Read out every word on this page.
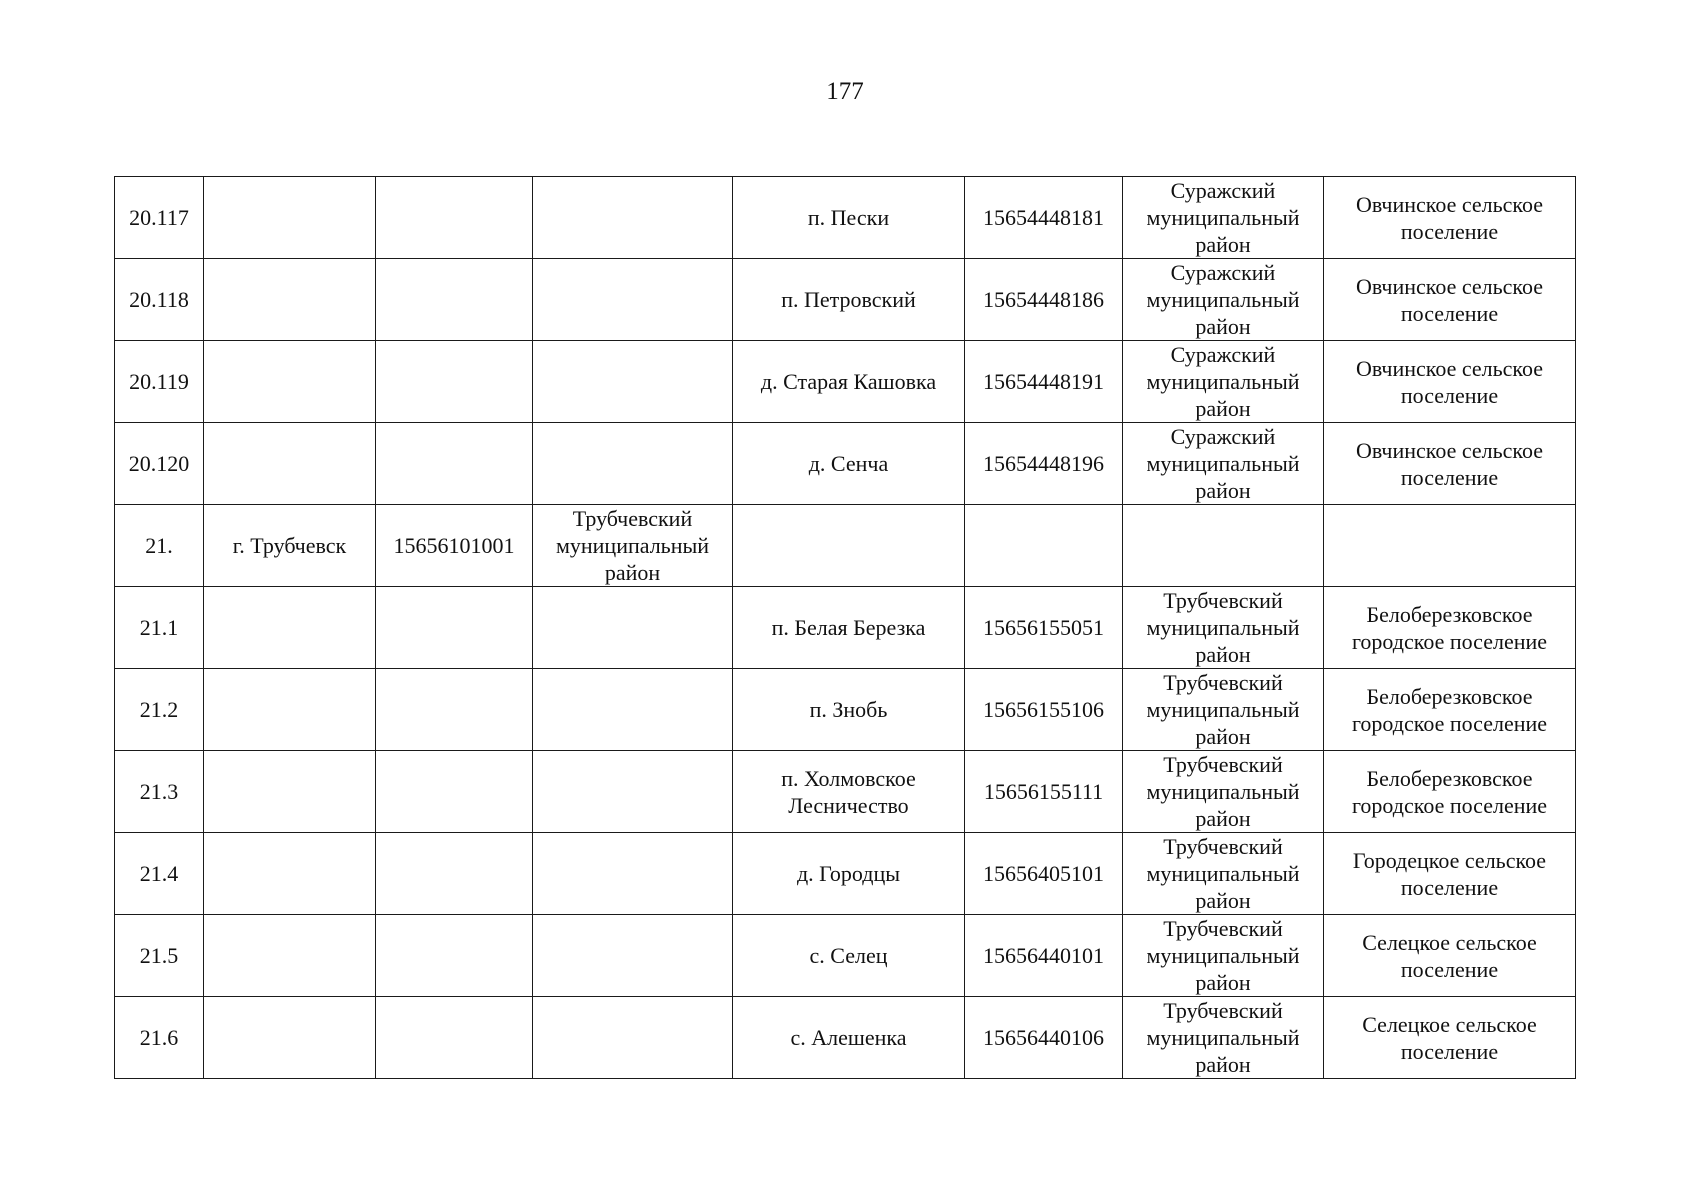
177
20.117				п. Пески	15654448181	Суражский муниципальный район	Овчинское сельское поселение
20.118				п. Петровский	15654448186	Суражский муниципальный район	Овчинское сельское поселение
20.119				д. Старая Кашовка	15654448191	Суражский муниципальный район	Овчинское сельское поселение
20.120				д. Сенча	15654448196	Суражский муниципальный район	Овчинское сельское поселение
21.	г. Трубчевск	15656101001	Трубчевский муниципальный район				
21.1				п. Белая Березка	15656155051	Трубчевский муниципальный район	Белоберезковское городское поселение
21.2				п. Знобь	15656155106	Трубчевский муниципальный район	Белоберезковское городское поселение
21.3				п. Холмовское Лесничество	15656155111	Трубчевский муниципальный район	Белоберезковское городское поселение
21.4				д. Городцы	15656405101	Трубчевский муниципальный район	Городецкое сельское поселение
21.5				с. Селец	15656440101	Трубчевский муниципальный район	Селецкое сельское поселение
21.6				с. Алешенка	15656440106	Трубчевский муниципальный район	Селецкое сельское поселение
